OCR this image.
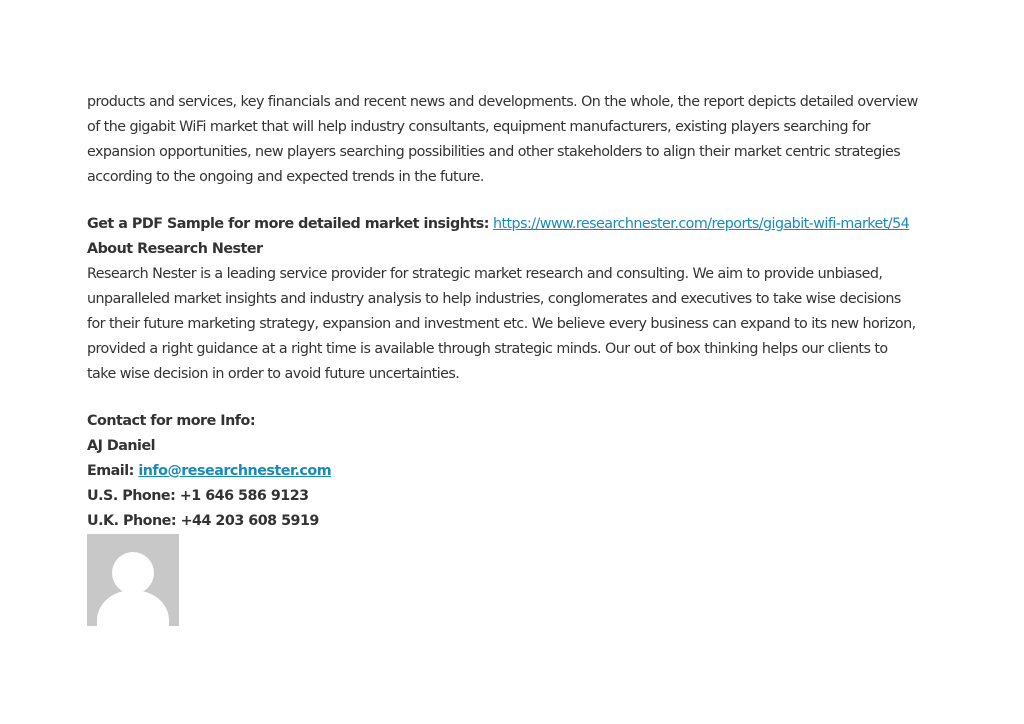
products and services, key financials and recent news and developments. On the whole, the report depicts detailed overview
of the gigabit WiFi market that will help industry consultants, equipment manufacturers, existing players searching for
expansion opportunities, new players searching possibilities and other stakeholders to align their market centric strategies
according to the ongoing and expected trends in the future.

Get a PDF Sample for more detailed market insights: https://www.researchnester.com/reports/gigabit-wifi-market/54

About Research Nester

Research Nester is a leading service provider for strategic market research and consulting. We aim to provide unbiased,
unparalleled market insights and industry analysis to help industries, conglomerates and executives to take wise decisions
for their future marketing strategy, expansion and investment etc. We believe every business can expand to its new horizon,
provided a right guidance at a right time is available through strategic minds. Our out of box thinking helps our clients to
take wise decision in order to avoid future uncertainties.

Contact for more Info:

AJ Daniel

Email: info@researchnester.com

U.S. Phone: +1 646 586 9123

U.K. Phone: +44 203 608 5919
